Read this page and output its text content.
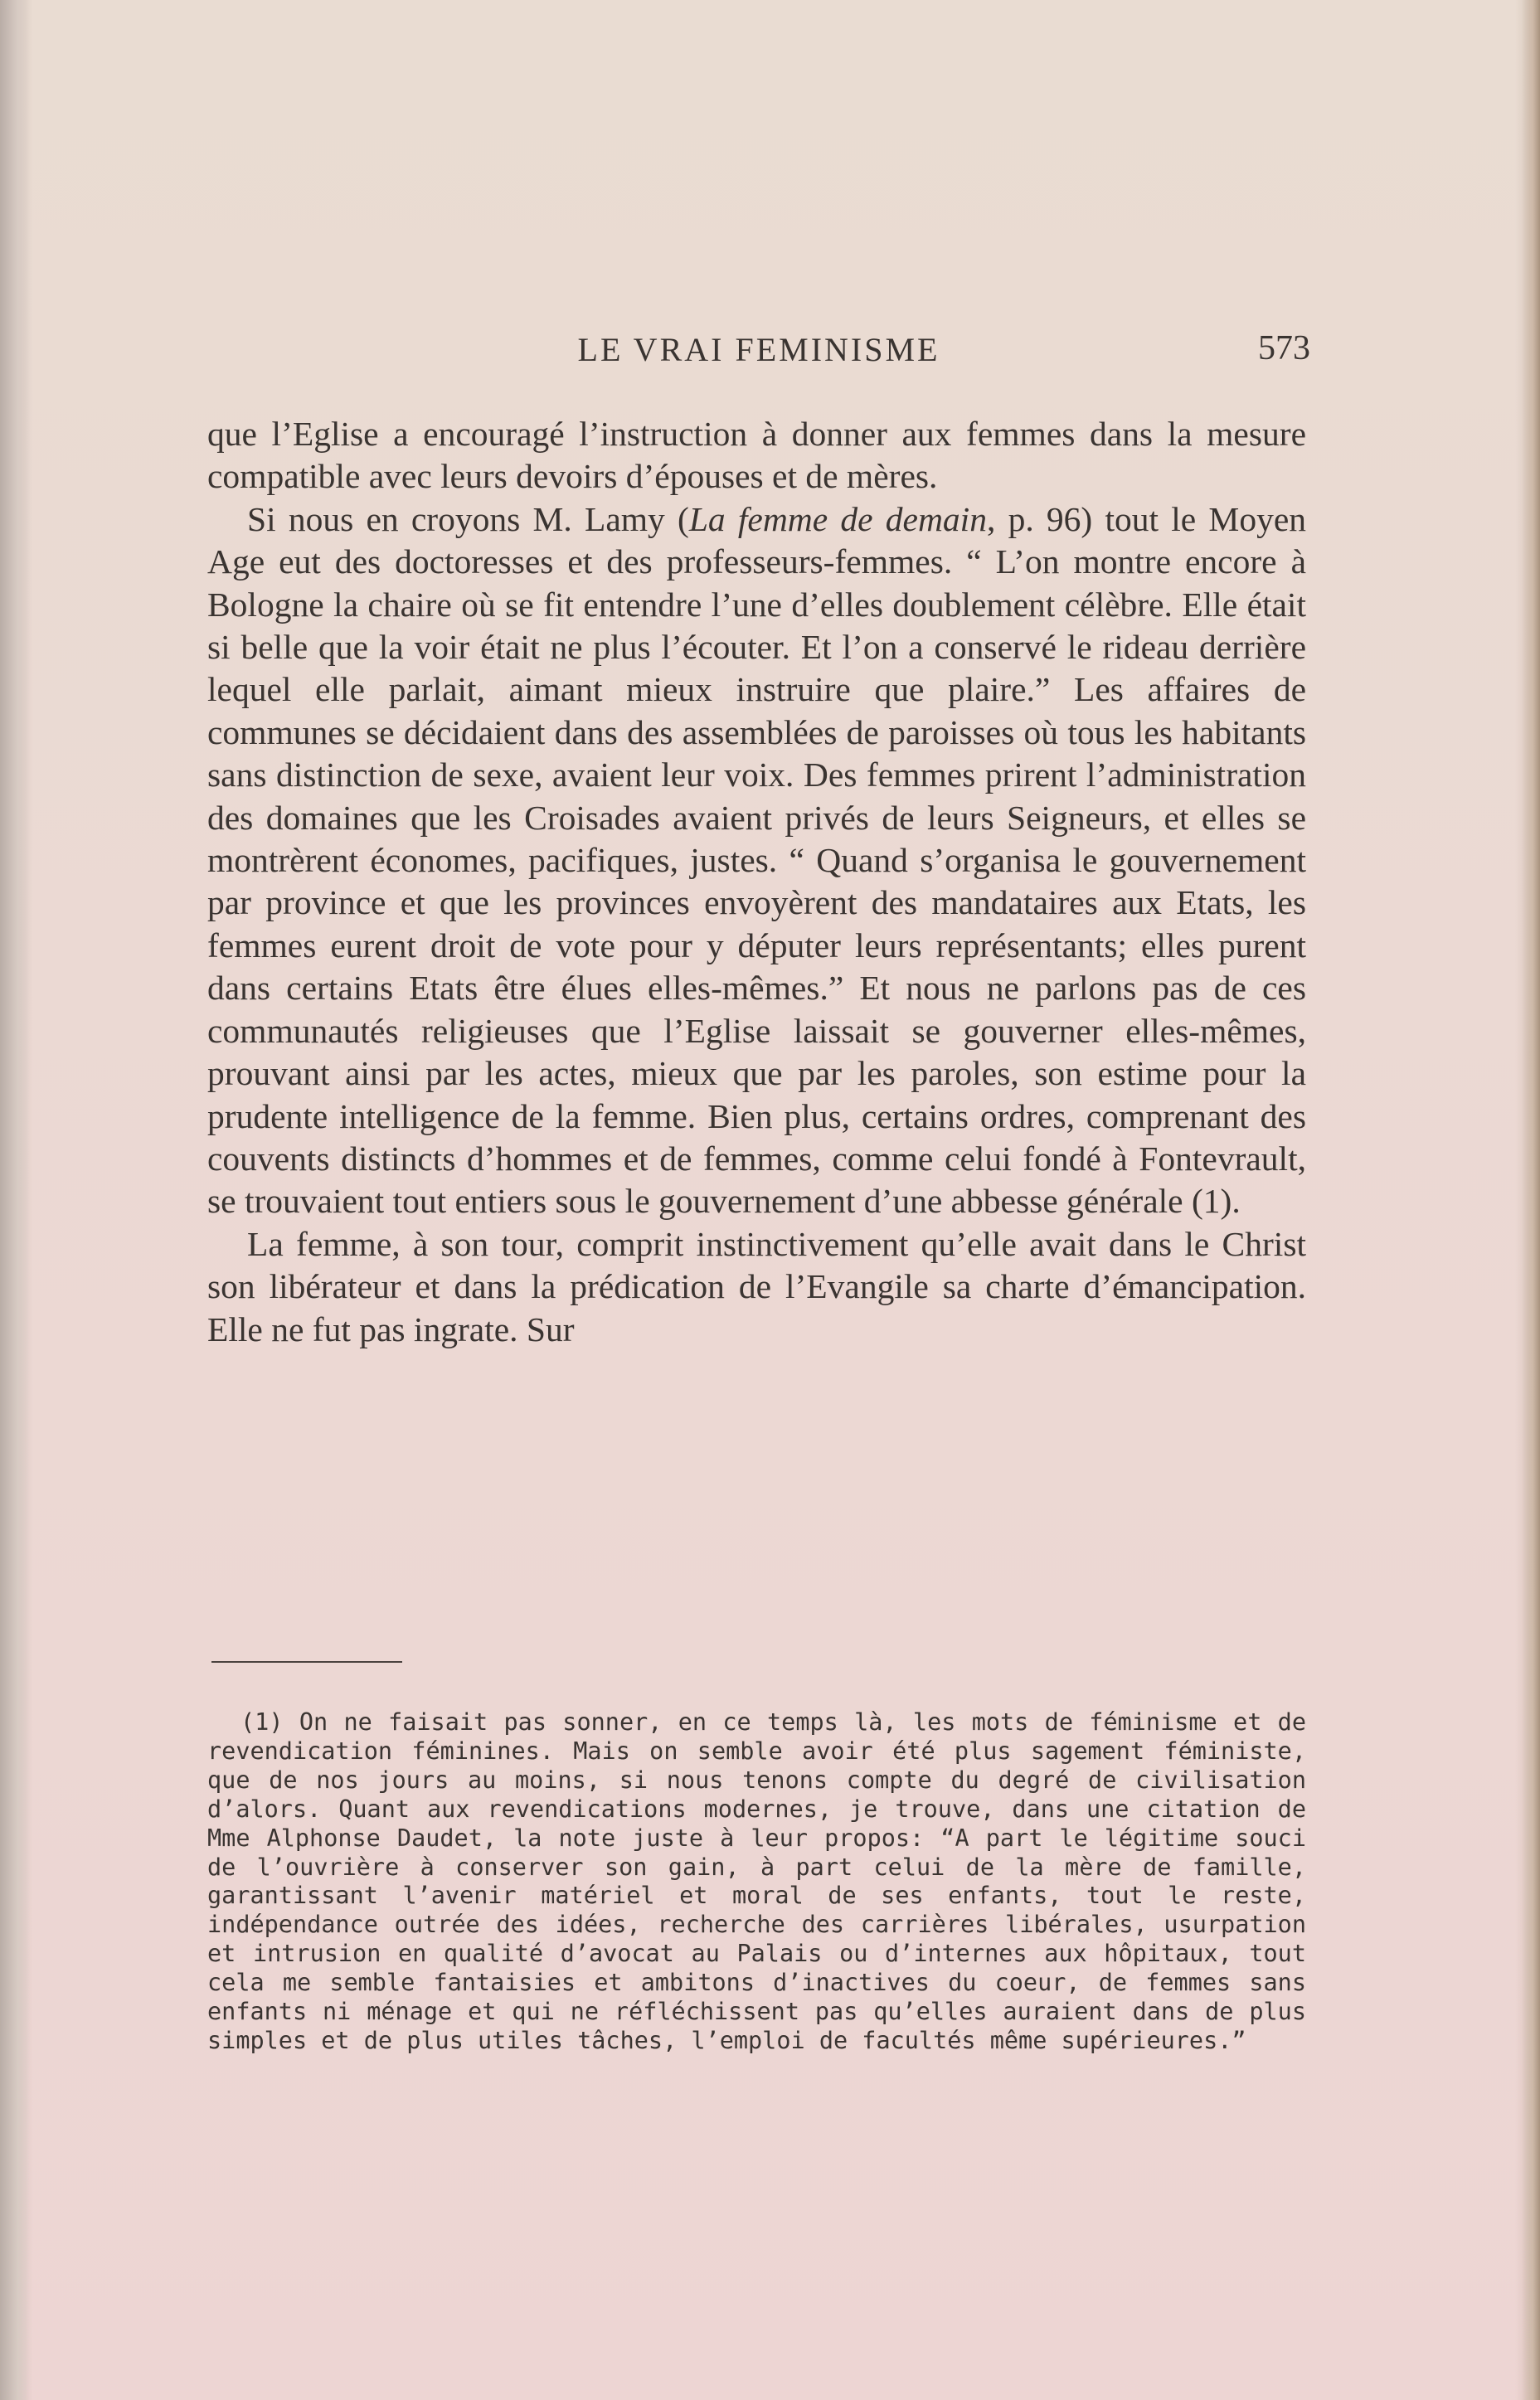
LE VRAI FEMINISME	573

que l’Eglise a encouragé l’instruction à donner aux femmes dans la mesure compatible avec leurs devoirs d’épouses et de mères.

Si nous en croyons M. Lamy (La femme de demain, p. 96) tout le Moyen Age eut des doctoresses et des professeurs-femmes. “ L’on montre encore à Bologne la chaire où se fit entendre l’une d’elles doublement célèbre. Elle était si belle que la voir était ne plus l’écouter. Et l’on a conservé le rideau derrière lequel elle parlait, aimant mieux instruire que plaire.” Les affaires de communes se décidaient dans des assemblées de paroisses où tous les habitants sans distinction de sexe, avaient leur voix. Des femmes prirent l’administration des domaines que les Croisades avaient privés de leurs Seigneurs, et elles se montrèrent économes, pacifiques, justes. “ Quand s’organisa le gouvernement par province et que les provinces envoyèrent des mandataires aux Etats, les femmes eurent droit de vote pour y députer leurs représentants; elles purent dans certains Etats être élues elles-mêmes.” Et nous ne parlons pas de ces communautés religieuses que l’Eglise laissait se gouverner elles-mêmes, prouvant ainsi par les actes, mieux que par les paroles, son estime pour la prudente intelligence de la femme. Bien plus, certains ordres, comprenant des couvents distincts d’hommes et de femmes, comme celui fondé à Fontevrault, se trouvaient tout entiers sous le gouvernement d’une abbesse générale (1).

La femme, à son tour, comprit instinctivement qu’elle avait dans le Christ son libérateur et dans la prédication de l’Evangile sa charte d’émancipation. Elle ne fut pas ingrate. Sur

(1) On ne faisait pas sonner, en ce temps là, les mots de féminisme et de revendication féminines. Mais on semble avoir été plus sagement féministe, que de nos jours au moins, si nous tenons compte du degré de civilisation d’alors. Quant aux revendications modernes, je trouve, dans une citation de Mme Alphonse Daudet, la note juste à leur propos: “A part le légitime souci de l’ouvrière à conserver son gain, à part celui de la mère de famille, garantissant l’avenir matériel et moral de ses enfants, tout le reste, indépendance outrée des idées, recherche des carrières libérales, usurpation et intrusion en qualité d’avocat au Palais ou d’internes aux hôpitaux, tout cela me semble fantaisies et ambitons d’inactives du coeur, de femmes sans enfants ni ménage et qui ne réfléchissent pas qu’elles auraient dans de plus simples et de plus utiles tâches, l’emploi de facultés même supérieures.”
